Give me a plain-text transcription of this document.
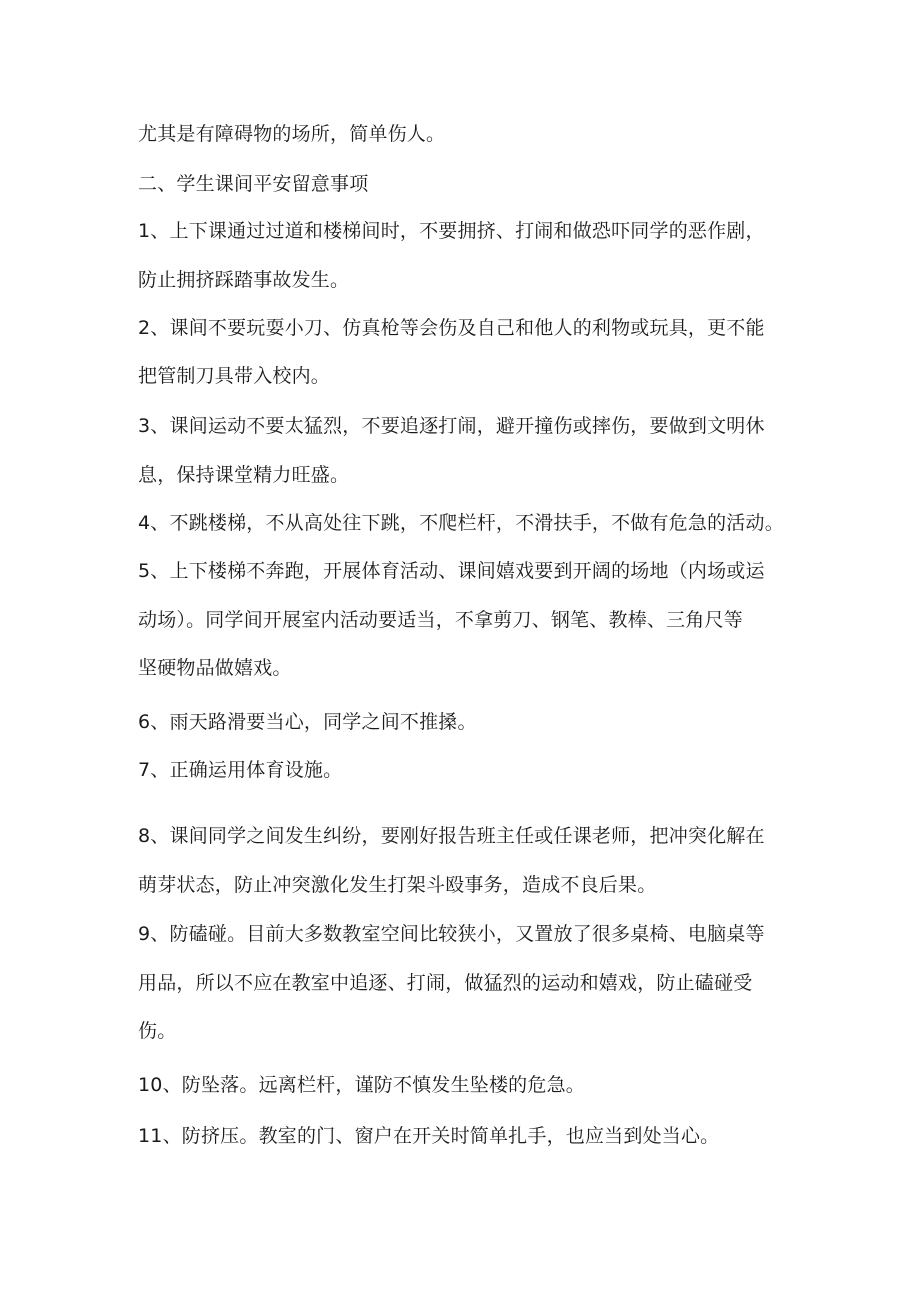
尤其是有障碍物的场所，简单伤人。
二、学生课间平安留意事项
1、上下课通过过道和楼梯间时，不要拥挤、打闹和做恐吓同学的恶作剧，
防止拥挤踩踏事故发生。
2、课间不要玩耍小刀、仿真枪等会伤及自己和他人的利物或玩具，更不能
把管制刀具带入校内。
3、课间运动不要太猛烈，不要追逐打闹，避开撞伤或摔伤，要做到文明休
息，保持课堂精力旺盛。
4、不跳楼梯，不从高处往下跳，不爬栏杆，不滑扶手，不做有危急的活动。
5、上下楼梯不奔跑，开展体育活动、课间嬉戏要到开阔的场地（内场或运
动场）。同学间开展室内活动要适当，不拿剪刀、钢笔、教棒、三角尺等
坚硬物品做嬉戏。
6、雨天路滑要当心，同学之间不推搡。
7、正确运用体育设施。
8、课间同学之间发生纠纷，要刚好报告班主任或任课老师，把冲突化解在
萌芽状态，防止冲突激化发生打架斗殴事务，造成不良后果。
9、防磕碰。目前大多数教室空间比较狭小，又置放了很多桌椅、电脑桌等
用品，所以不应在教室中追逐、打闹，做猛烈的运动和嬉戏，防止磕碰受
伤。
10、防坠落。远离栏杆，谨防不慎发生坠楼的危急。
11、防挤压。教室的门、窗户在开关时简单扎手，也应当到处当心。
